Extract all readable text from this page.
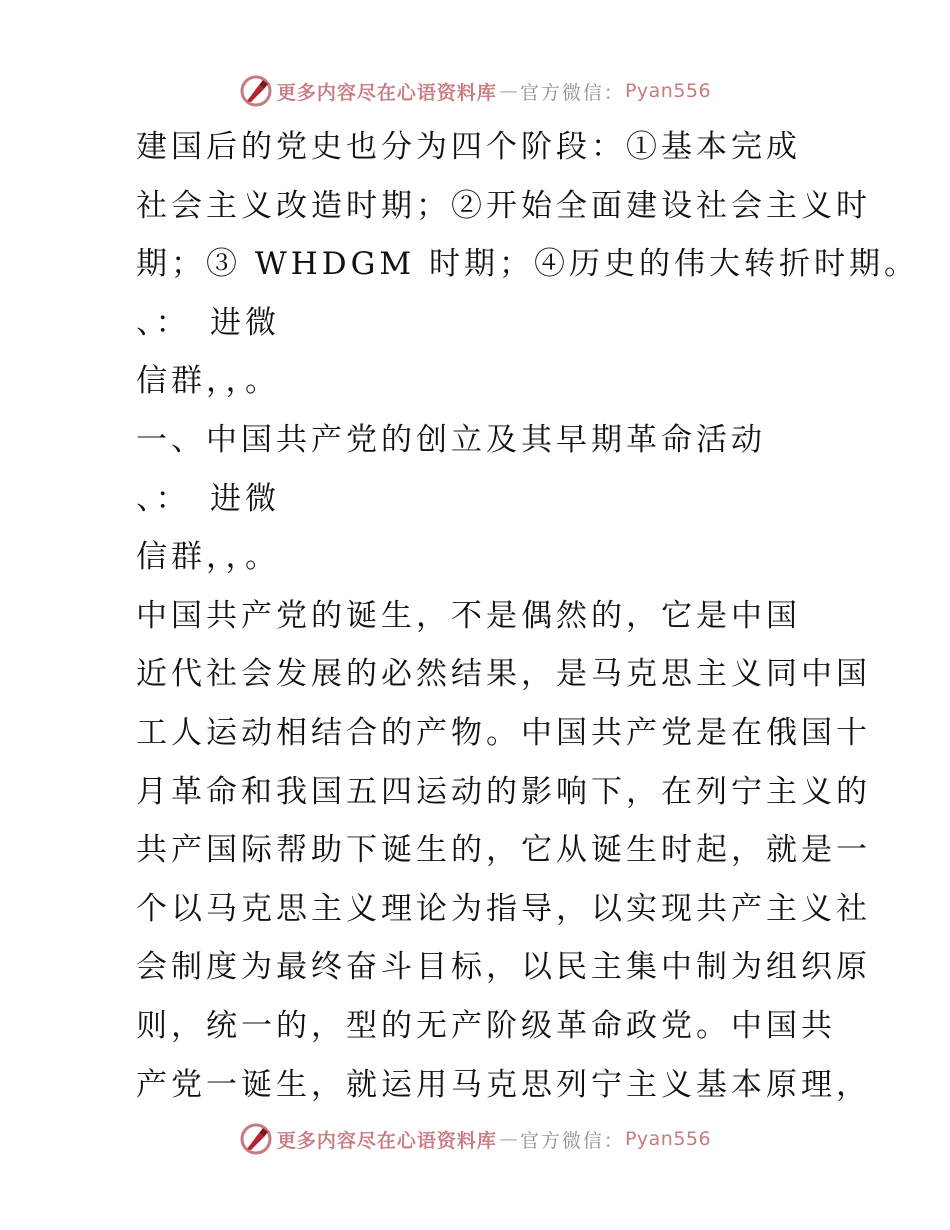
更多内容尽在心语资料库 — 官方微信： Pyan556
建国后的党史也分为四个阶段：①基本完成
社会主义改造时期；②开始全面建设社会主义时
期；③ WHDGM 时期；④历史的伟大转折时期。
、：　进微
信群，，。
一、中国共产党的创立及其早期革命活动
、：　进微
信群，，。
中国共产党的诞生，不是偶然的，它是中国
近代社会发展的必然结果，是马克思主义同中国
工人运动相结合的产物。中国共产党是在俄国十
月革命和我国五四运动的影响下，在列宁主义的
共产国际帮助下诞生的，它从诞生时起，就是一
个以马克思主义理论为指导，以实现共产主义社
会制度为最终奋斗目标，以民主集中制为组织原
则，统一的，型的无产阶级革命政党。中国共
产党一诞生，就运用马克思列宁主义基本原理，
更多内容尽在心语资料库 — 官方微信： Pyan556
